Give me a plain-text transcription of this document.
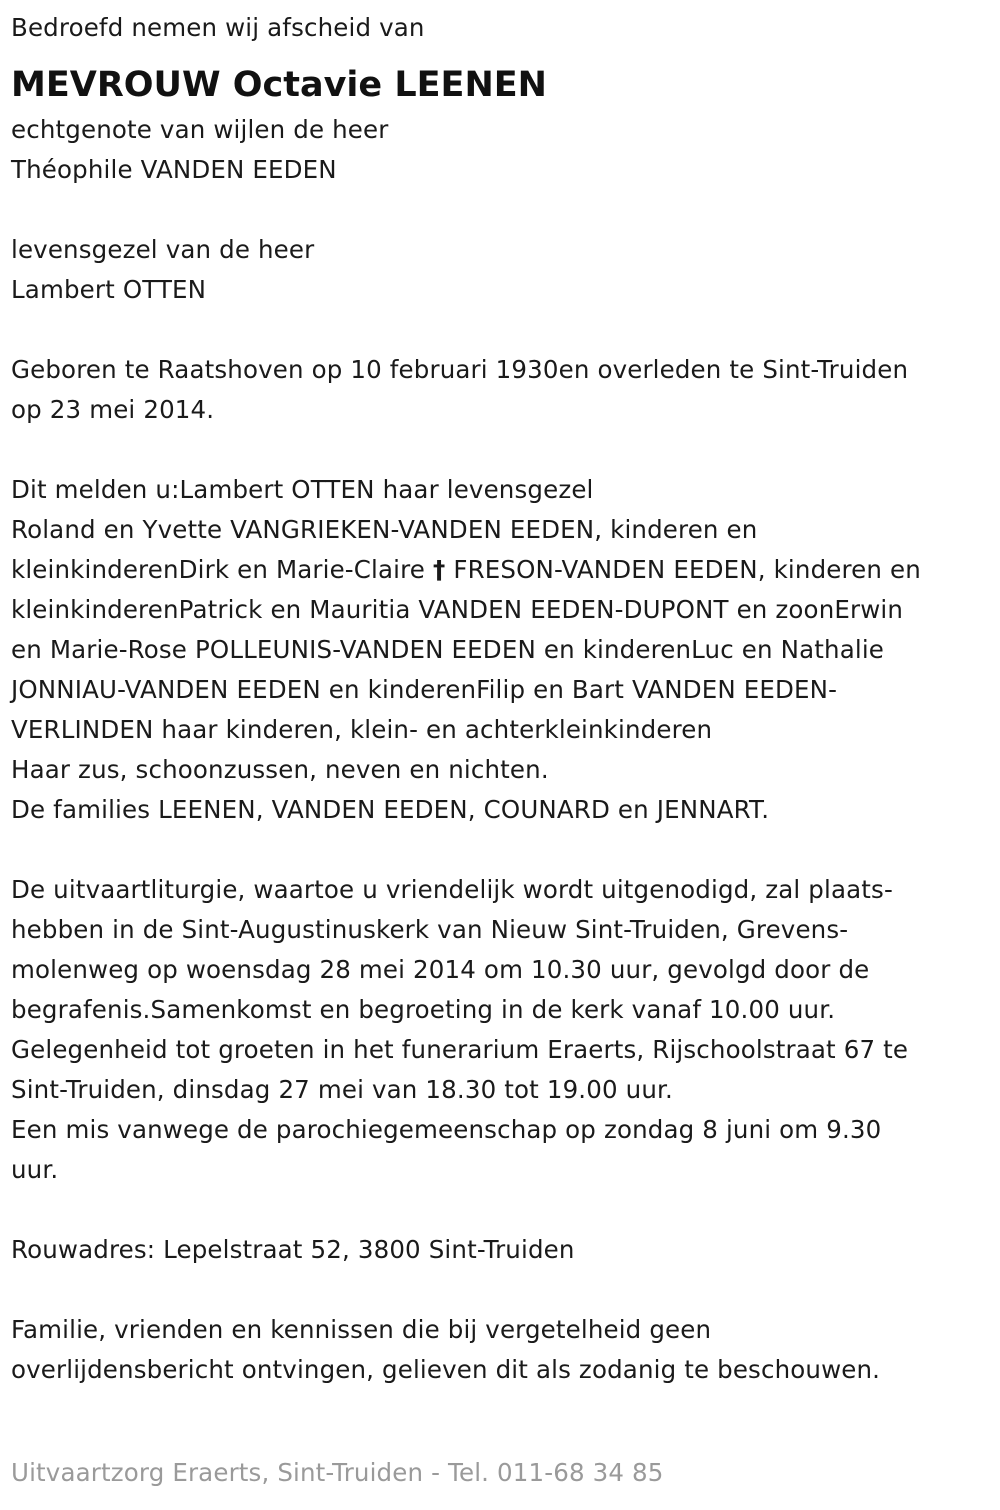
Bedroefd nemen wij afscheid van
MEVROUW Octavie LEENEN
echtgenote van wijlen de heer
Théophile VANDEN EEDEN
levensgezel van de heer
Lambert OTTEN
Geboren te Raatshoven op 10 februari 1930en overleden te Sint-Truiden
op 23 mei 2014.
Dit melden u:Lambert OTTEN haar levensgezel
Roland en Yvette VANGRIEKEN-VANDEN EEDEN, kinderen en
kleinkinderenDirk en Marie-Claire † FRESON-VANDEN EEDEN, kinderen en
kleinkinderenPatrick en Mauritia VANDEN EEDEN-DUPONT en zoonErwin
en Marie-Rose POLLEUNIS-VANDEN EEDEN en kinderenLuc en Nathalie
JONNIAU-VANDEN EEDEN en kinderenFilip en Bart VANDEN EEDEN-
VERLINDEN haar kinderen, klein- en achterkleinkinderen
Haar zus, schoonzussen, neven en nichten.
De families LEENEN, VANDEN EEDEN, COUNARD en JENNART.
De uitvaartliturgie, waartoe u vriendelijk wordt uitgenodigd, zal plaats-
hebben in de Sint-Augustinuskerk van Nieuw Sint-Truiden, Grevens-
molenweg op woensdag 28 mei 2014 om 10.30 uur, gevolgd door de
begrafenis.Samenkomst en begroeting in de kerk vanaf 10.00 uur.
Gelegenheid tot groeten in het funerarium Eraerts, Rijschoolstraat 67 te
Sint-Truiden, dinsdag 27 mei van 18.30 tot 19.00 uur.
Een mis vanwege de parochiegemeenschap op zondag 8 juni om 9.30
uur.
Rouwadres: Lepelstraat 52, 3800 Sint-Truiden
Familie, vrienden en kennissen die bij vergetelheid geen
overlijdensbericht ontvingen, gelieven dit als zodanig te beschouwen.
Uitvaartzorg Eraerts, Sint-Truiden - Tel. 011-68 34 85
